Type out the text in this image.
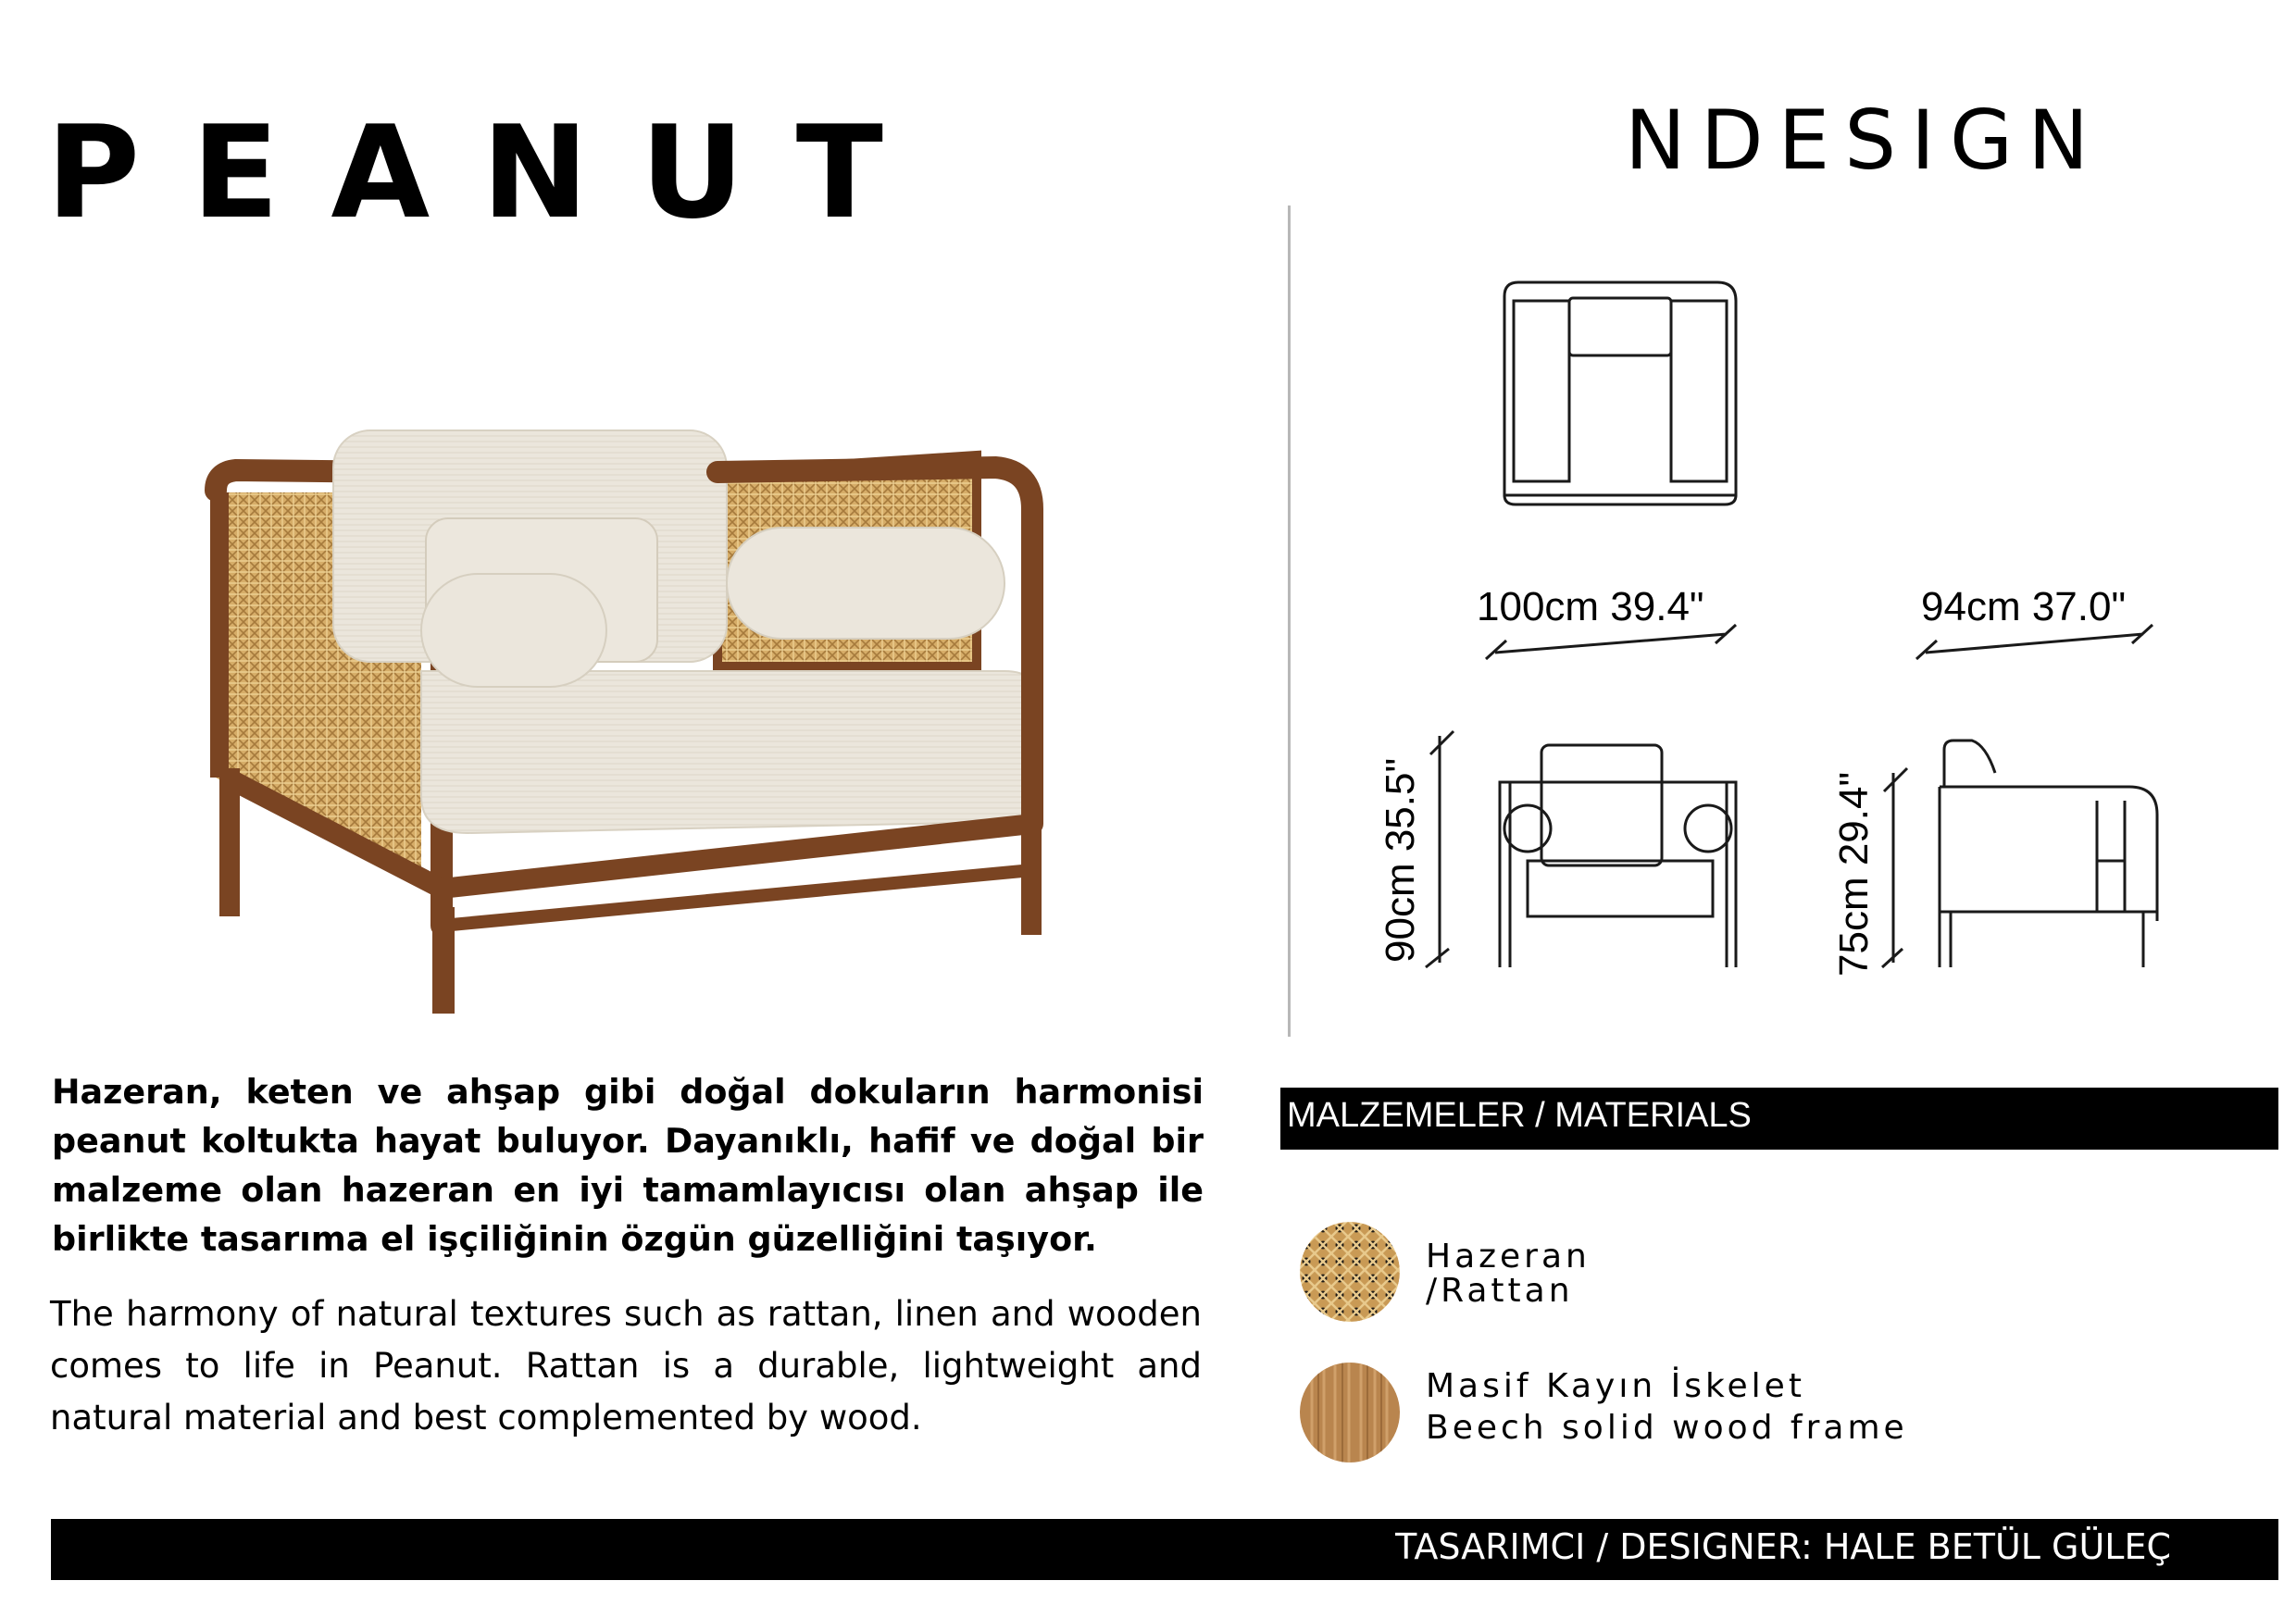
PEANUT	NDESIGN
100cm 39.4"	94cm 37.0"
90cm 35.5"	75cm 29.4"

Hazeran, keten ve ahşap gibi doğal dokuların harmonisi peanut koltukta hayat buluyor. Dayanıklı, hafif ve doğal bir malzeme olan hazeran en iyi tamamlayıcısı olan ahşap ile birlikte tasarıma el işçiliğinin özgün güzelliğini taşıyor.

The harmony of natural textures such as rattan, linen and wooden comes to life in Peanut. Rattan is a durable, lightweight and natural material and best complemented by wood.

MALZEMELER / MATERIALS
Hazeran
/Rattan
Masif Kayın İskelet
Beech solid wood frame
TASARIMCI / DESIGNER: HALE BETÜL GÜLEÇ
